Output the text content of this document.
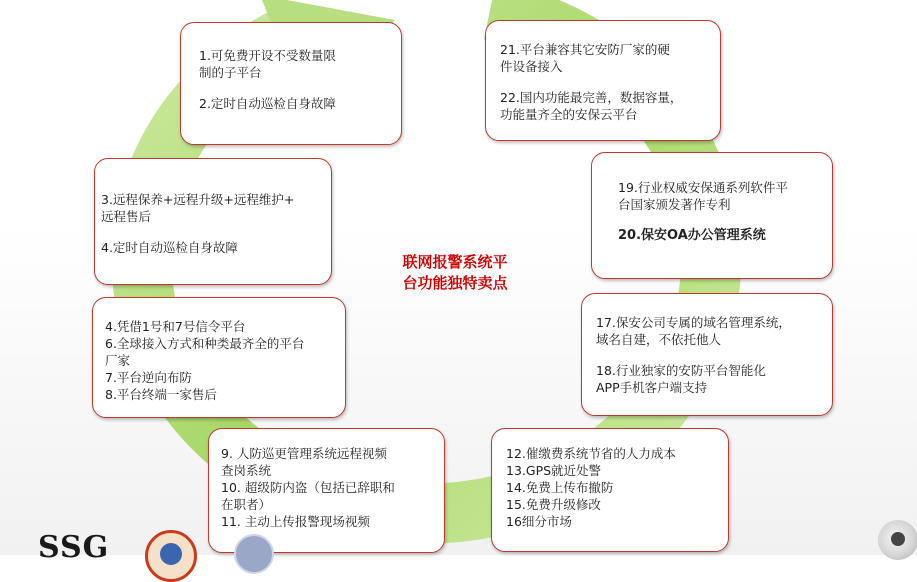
1.可免费开设不受数量限

制的子平台

2.定时自动巡检自身故障

21.平台兼容其它安防厂家的硬

件设备接入

22.国内功能最完善，数据容量，

功能量齐全的安保云平台

3.远程保养+远程升级+远程维护+

远程售后

4.定时自动巡检自身故障

19.行业权威安保通系列软件平

台国家颁发著作专利

20.保安OA办公管理系统

4.凭借1号和7号信令平台

6.全球接入方式和种类最齐全的平台

厂家

7.平台逆向布防

8.平台终端一家售后

17.保安公司专属的域名管理系统，

域名自建，不依托他人

18.行业独家的安防平台智能化

APP手机客户端支持

9. 人防巡更管理系统远程视频

查岗系统

10. 超级防内盗（包括已辞职和

在职者）

11. 主动上传报警现场视频

12.催缴费系统节省的人力成本

13.GPS就近处警

14.免费上传布撤防

15.免费升级修改

16细分市场

联网报警系统平
台功能独特卖点
SSG
